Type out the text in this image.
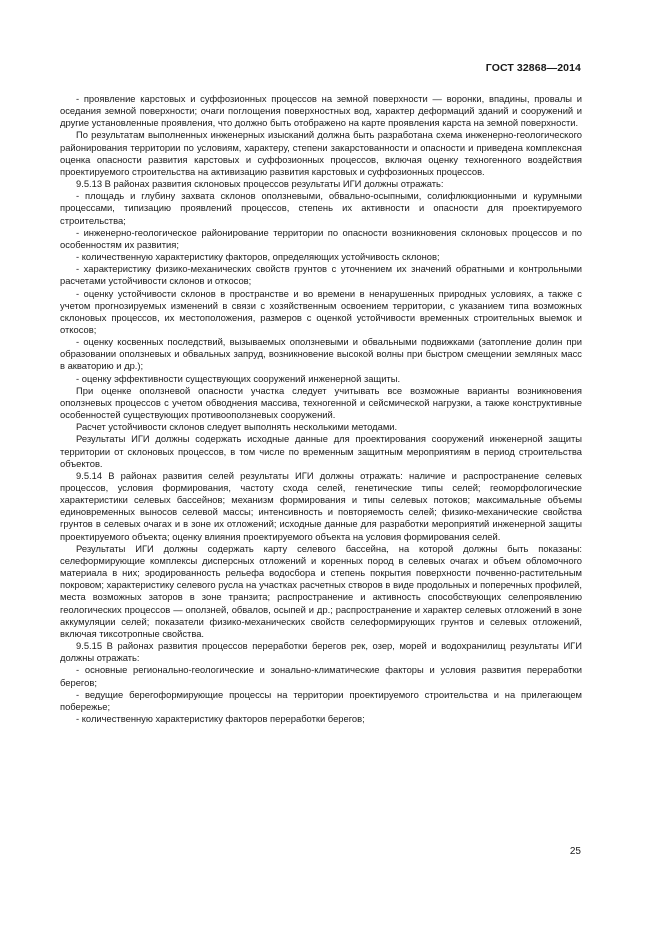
ГОСТ 32868—2014

- проявление карстовых и суффозионных процессов на земной поверхности — воронки, впадины, провалы и оседания земной поверхности; очаги поглощения поверхностных вод, характер деформаций зданий и сооружений и другие установленные проявления, что должно быть отображено на карте проявления карста на земной поверхности.

По результатам выполненных инженерных изысканий должна быть разработана схема инженерно-геологического районирования территории по условиям, характеру, степени закарстованности и опасности и приведена комплексная оценка опасности развития карстовых и суффозионных процессов, включая оценку техногенного воздействия проектируемого строительства на активизацию развития карстовых и суффозионных процессов.

9.5.13 В районах развития склоновых процессов результаты ИГИ должны отражать:

- площадь и глубину захвата склонов оползневыми, обвально-осыпными, солифлюкционными и курумными процессами, типизацию проявлений процессов, степень их активности и опасности для проектируемого строительства;

- инженерно-геологическое районирование территории по опасности возникновения склоновых процессов и по особенностям их развития;

- количественную характеристику факторов, определяющих устойчивость склонов;

- характеристику физико-механических свойств грунтов с уточнением их значений обратными и контрольными расчетами устойчивости склонов и откосов;

- оценку устойчивости склонов в пространстве и во времени в ненарушенных природных условиях, а также с учетом прогнозируемых изменений в связи с хозяйственным освоением территории, с указанием типа возможных склоновых процессов, их местоположения, размеров с оценкой устойчивости временных строительных выемок и откосов;

- оценку косвенных последствий, вызываемых оползневыми и обвальными подвижками (затопление долин при образовании оползневых и обвальных запруд, возникновение высокой волны при быстром смещении земляных масс в акваторию и др.);

- оценку эффективности существующих сооружений инженерной защиты.

При оценке оползневой опасности участка следует учитывать все возможные варианты возникновения оползневых процессов с учетом обводнения массива, техногенной и сейсмической нагрузки, а также конструктивные особенностей существующих противооползневых сооружений.

Расчет устойчивости склонов следует выполнять несколькими методами.

Результаты ИГИ должны содержать исходные данные для проектирования сооружений инженерной защиты территории от склоновых процессов, в том числе по временным защитным мероприятиям в период строительства объектов.

9.5.14 В районах развития селей результаты ИГИ должны отражать: наличие и распространение селевых процессов, условия формирования, частоту схода селей, генетические типы селей; геоморфологические характеристики селевых бассейнов; механизм формирования и типы селевых потоков; максимальные объемы единовременных выносов селевой массы; интенсивность и повторяемость селей; физико-механические свойства грунтов в селевых очагах и в зоне их отложений; исходные данные для разработки мероприятий инженерной защиты проектируемого объекта; оценку влияния проектируемого объекта на условия формирования селей.

Результаты ИГИ должны содержать карту селевого бассейна, на которой должны быть показаны: селеформирующие комплексы дисперсных отложений и коренных пород в селевых очагах и объем обломочного материала в них; эродированность рельефа водосбора и степень покрытия поверхности почвенно-растительным покровом; характеристику селевого русла на участках расчетных створов в виде продольных и поперечных профилей, места возможных заторов в зоне транзита; распространение и активность способствующих селепроявлению геологических процессов — оползней, обвалов, осыпей и др.; распространение и характер селевых отложений в зоне аккумуляции селей; показатели физико-механических свойств селеформирующих грунтов и селевых отложений, включая тиксотропные свойства.

9.5.15 В районах развития процессов переработки берегов рек, озер, морей и водохранилищ результаты ИГИ должны отражать:

- основные регионально-геологические и зонально-климатические факторы и условия развития переработки берегов;

- ведущие берегоформирующие процессы на территории проектируемого строительства и на прилегающем побережье;

- количественную характеристику факторов переработки берегов;

25
